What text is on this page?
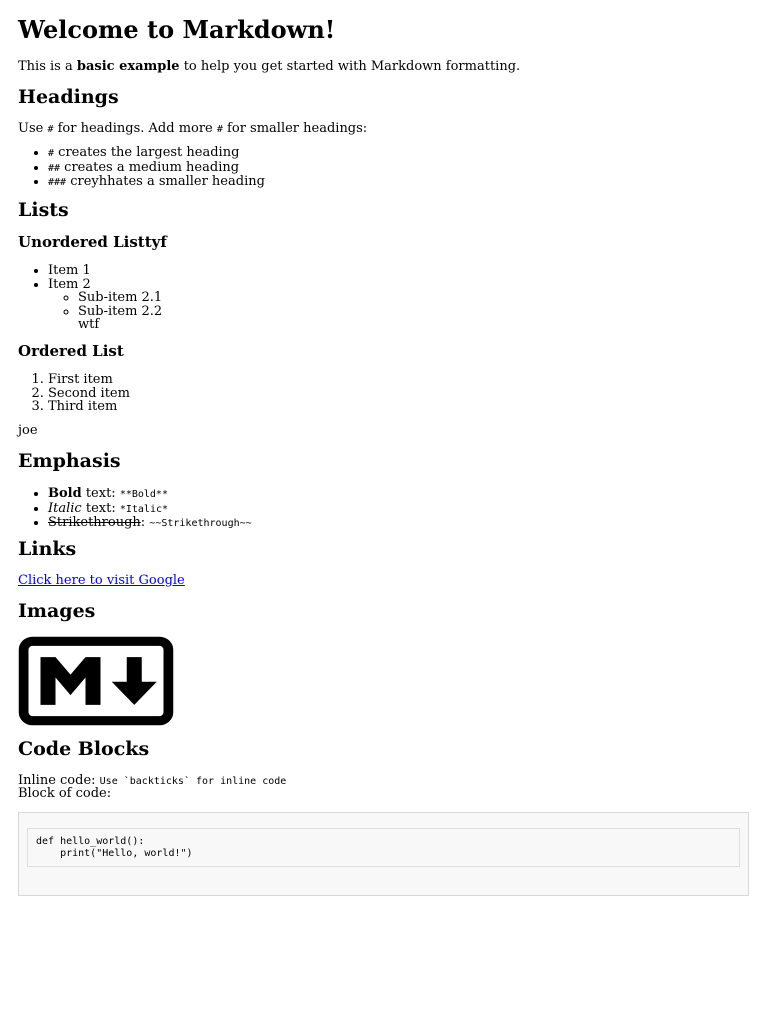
Welcome to Markdown!

This is a basic example to help you get started with Markdown formatting.

Headings

Use # for headings. Add more # for smaller headings:

• # creates the largest heading
• ## creates a medium heading
• ### creyhhates a smaller heading
Lists
Unordered Listtyf
• Item 1
• Item 2
◦ Sub-item 2.1
◦ Sub-item 2.2
wtf
Ordered List
1. First item
2. Second item
3. Third item

joe

Emphasis
• Bold text: **Bold**
• Italic text: *Italic*
• Strikethrough: ~~Strikethrough~~
Links

Click here to visit Google

Images
Code Blocks

Inline code: Use `backticks` for inline code

Block of code:

def hello_world():
print("Hello, world!")
